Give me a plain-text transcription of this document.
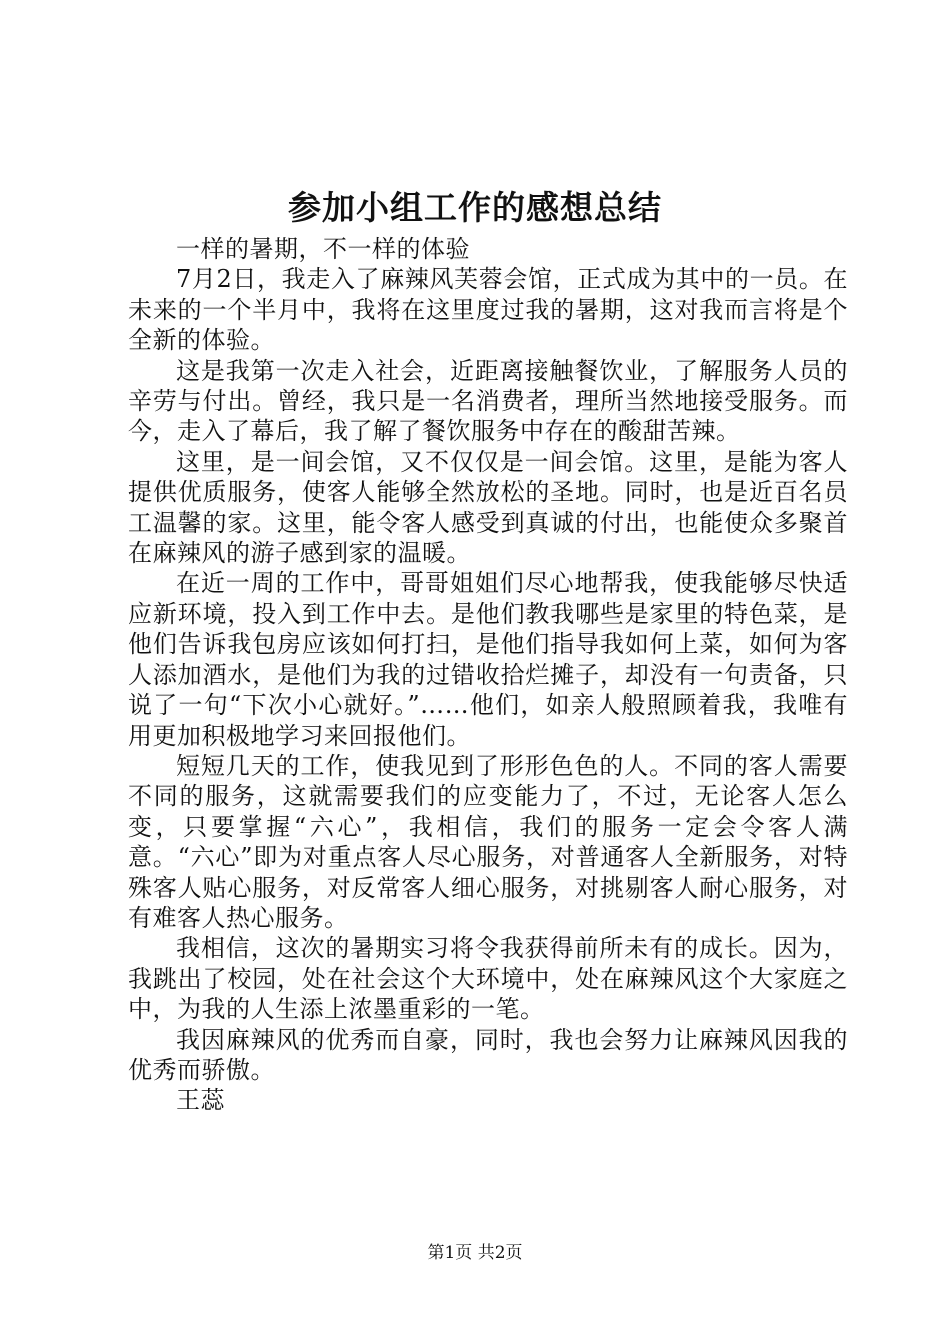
参加小组工作的感想总结

一样的暑期，不一样的体验

7月2日，我走入了麻辣风芙蓉会馆，正式成为其中的一员。在未来的一个半月中，我将在这里度过我的暑期，这对我而言将是个全新的体验。

这是我第一次走入社会，近距离接触餐饮业，了解服务人员的辛劳与付出。曾经，我只是一名消费者，理所当然地接受服务。而今，走入了幕后，我了解了餐饮服务中存在的酸甜苦辣。

这里，是一间会馆，又不仅仅是一间会馆。这里，是能为客人提供优质服务，使客人能够全然放松的圣地。同时，也是近百名员工温馨的家。这里，能令客人感受到真诚的付出，也能使众多聚首在麻辣风的游子感到家的温暖。

在近一周的工作中，哥哥姐姐们尽心地帮我，使我能够尽快适应新环境，投入到工作中去。是他们教我哪些是家里的特色菜，是他们告诉我包房应该如何打扫，是他们指导我如何上菜，如何为客人添加酒水，是他们为我的过错收拾烂摊子，却没有一句责备，只说了一句“下次小心就好。”……他们，如亲人般照顾着我，我唯有用更加积极地学习来回报他们。

短短几天的工作，使我见到了形形色色的人。不同的客人需要不同的服务，这就需要我们的应变能力了，不过，无论客人怎么变，只要掌握“六心”，我相信，我们的服务一定会令客人满意。“六心”即为对重点客人尽心服务，对普通客人全新服务，对特殊客人贴心服务，对反常客人细心服务，对挑剔客人耐心服务，对有难客人热心服务。

我相信，这次的暑期实习将令我获得前所未有的成长。因为，我跳出了校园，处在社会这个大环境中，处在麻辣风这个大家庭之中，为我的人生添上浓墨重彩的一笔。

我因麻辣风的优秀而自豪，同时，我也会努力让麻辣风因我的优秀而骄傲。

王蕊

第1页 共2页
